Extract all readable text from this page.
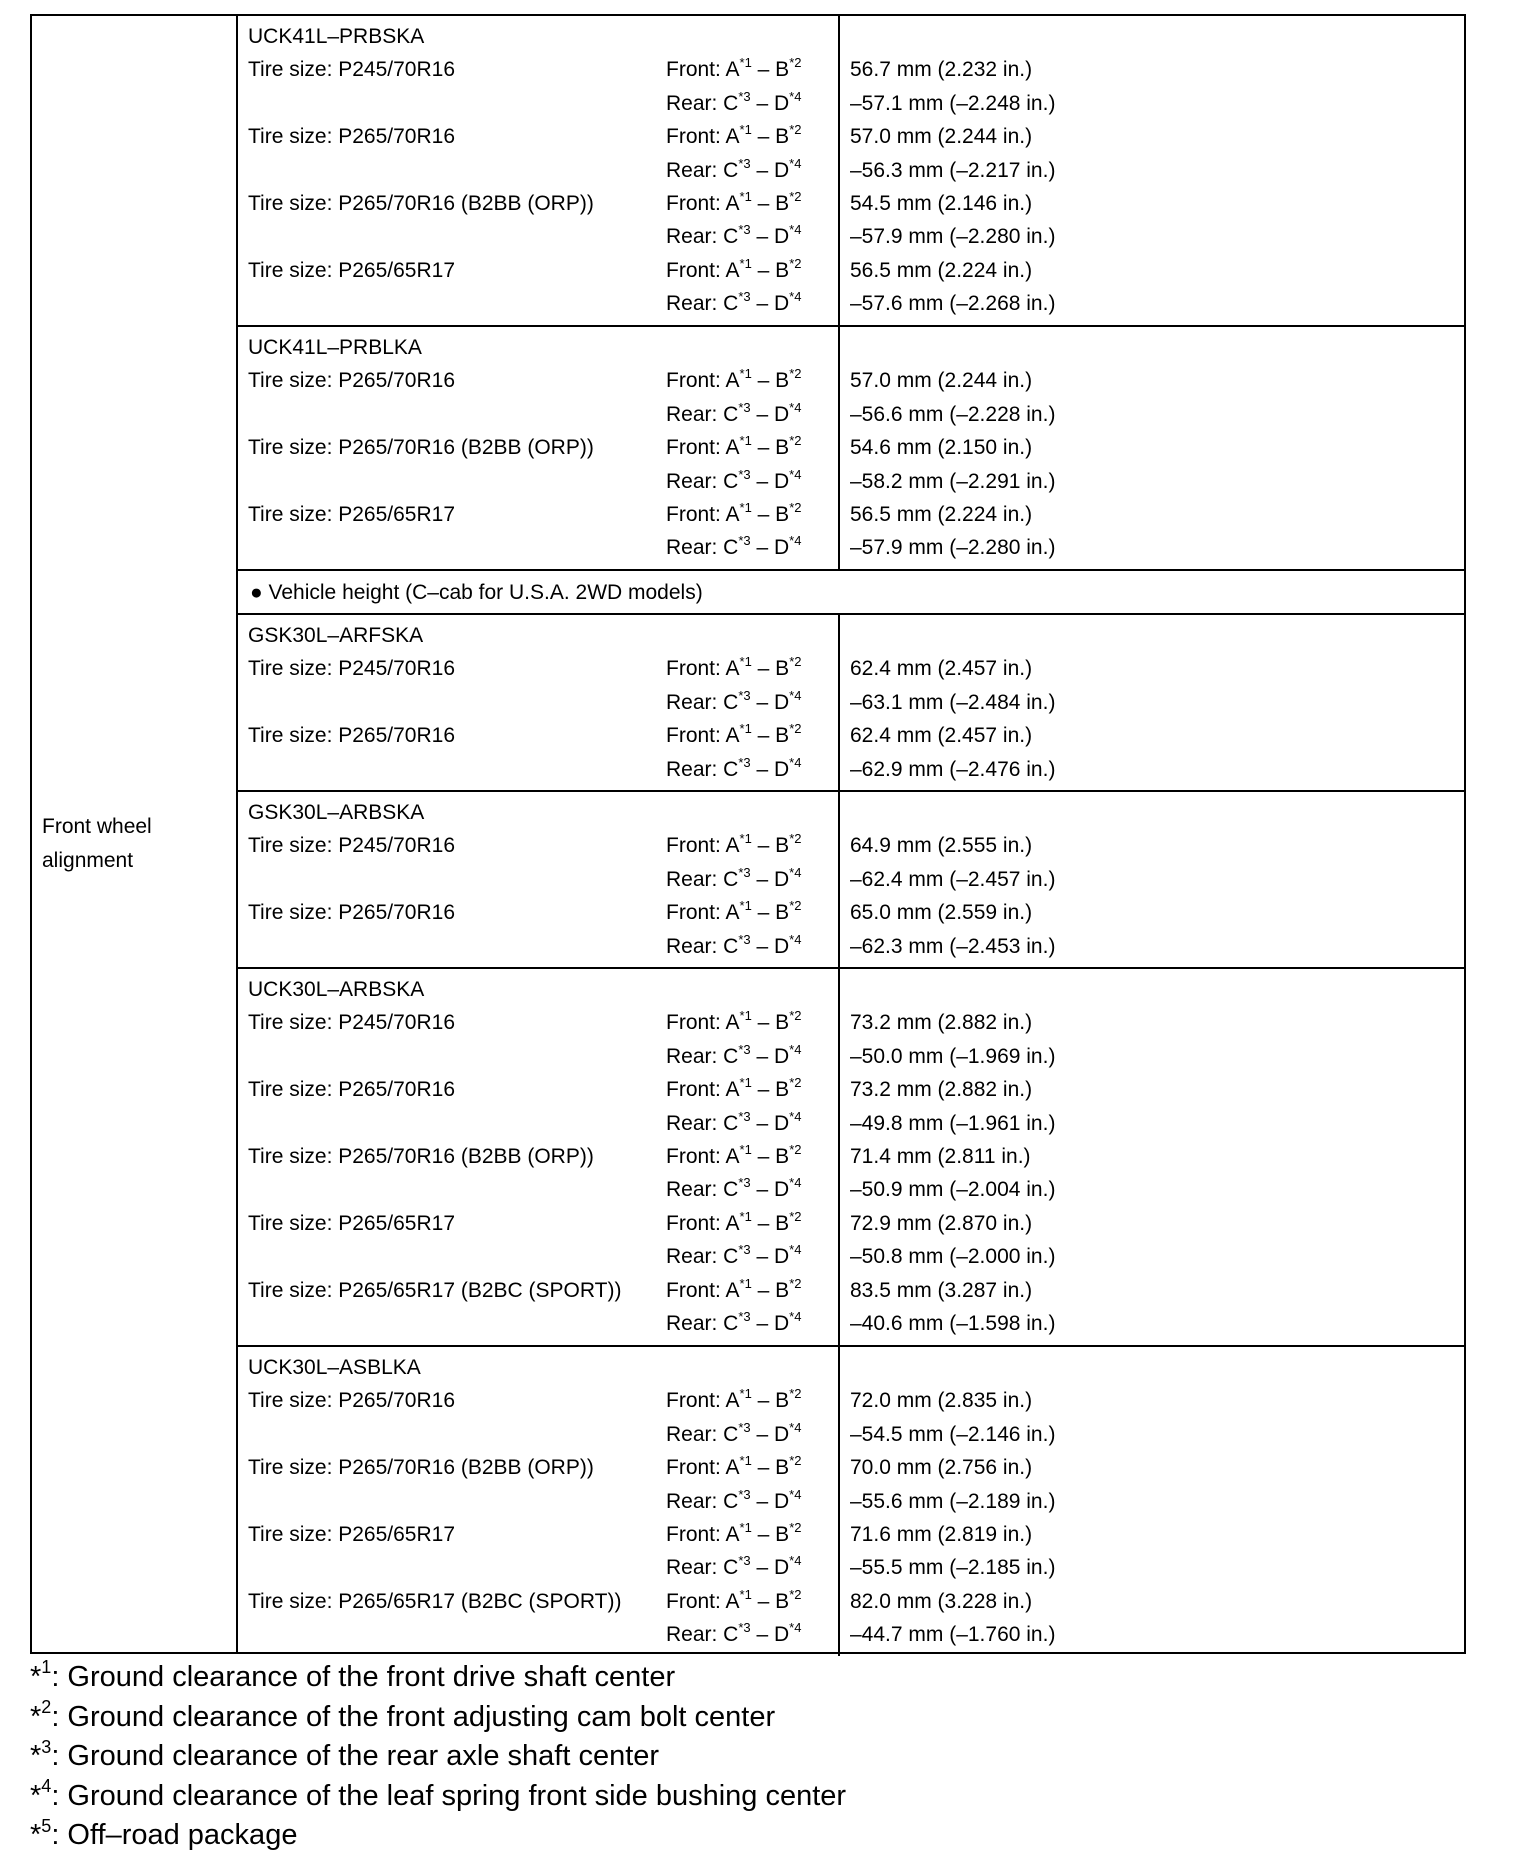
Front wheel
alignment
UCK41L–PRBSKA
Tire size: P245/70R16	Front: $A^{*1} - B^{*2}$ 56.7 mm (2.232 in.)
Rear: $C^{*3} - D^{*4}$ –57.1 mm (–2.248 in.)
Tire size: P265/70R16	Front: $A^{*1} - B^{*2}$ 57.0 mm (2.244 in.)
Rear: $C^{*3} - D^{*4}$ –56.3 mm (–2.217 in.)
Tire size: P265/70R16 (B2BB (ORP))	Front: $A^{*1} - B^{*2}$ 54.5 mm (2.146 in.)
Rear: $C^{*3} - D^{*4}$ –57.9 mm (–2.280 in.)
Tire size: P265/65R17	Front: $A^{*1} - B^{*2}$ 56.5 mm (2.224 in.)
Rear: $C^{*3} - D^{*4}$ –57.6 mm (–2.268 in.)
UCK41L–PRBLKA
Tire size: P265/70R16	Front: $A^{*1} - B^{*2}$ 57.0 mm (2.244 in.)
Rear: $C^{*3} - D^{*4}$ –56.6 mm (–2.228 in.)
Tire size: P265/70R16 (B2BB (ORP))	Front: $A^{*1} - B^{*2}$ 54.6 mm (2.150 in.)
Rear: $C^{*3} - D^{*4}$ –58.2 mm (–2.291 in.)
Tire size: P265/65R17	Front: $A^{*1} - B^{*2}$ 56.5 mm (2.224 in.)
Rear: $C^{*3} - D^{*4}$ –57.9 mm (–2.280 in.)
GSK30L–ARFSKA
Tire size: P245/70R16	Front: $A^{*1} - B^{*2}$ 62.4 mm (2.457 in.)
Rear: $C^{*3} - D^{*4}$ –63.1 mm (–2.484 in.)
Tire size: P265/70R16	Front: $A^{*1} - B^{*2}$ 62.4 mm (2.457 in.)
Rear: $C^{*3} - D^{*4}$ –62.9 mm (–2.476 in.)
GSK30L–ARBSKA
Tire size: P245/70R16	Front: $A^{*1} - B^{*2}$ 64.9 mm (2.555 in.)
Rear: $C^{*3} - D^{*4}$ –62.4 mm (–2.457 in.)
Tire size: P265/70R16	Front: $A^{*1} - B^{*2}$ 65.0 mm (2.559 in.)
Rear: $C^{*3} - D^{*4}$ –62.3 mm (–2.453 in.)
UCK30L–ARBSKA
Tire size: P245/70R16	Front: $A^{*1} - B^{*2}$ 73.2 mm (2.882 in.)
Rear: $C^{*3} - D^{*4}$ –50.0 mm (–1.969 in.)
Tire size: P265/70R16	Front: $A^{*1} - B^{*2}$ 73.2 mm (2.882 in.)
Rear: $C^{*3} - D^{*4}$ –49.8 mm (–1.961 in.)
Tire size: P265/70R16 (B2BB (ORP))	Front: $A^{*1} - B^{*2}$ 71.4 mm (2.811 in.)
Rear: $C^{*3} - D^{*4}$ –50.9 mm (–2.004 in.)
Tire size: P265/65R17	Front: $A^{*1} - B^{*2}$ 72.9 mm (2.870 in.)
Rear: $C^{*3} - D^{*4}$ –50.8 mm (–2.000 in.)
Tire size: P265/65R17 (B2BC (SPORT)) Front: $A^{*1} - B^{*2}$ 83.5 mm (3.287 in.)
Rear: $C^{*3} - D^{*4}$ –40.6 mm (–1.598 in.)
UCK30L–ASBLKA
Tire size: P265/70R16	Front: $A^{*1} - B^{*2}$ 72.0 mm (2.835 in.)
Rear: $C^{*3} - D^{*4}$ –54.5 mm (–2.146 in.)
Tire size: P265/70R16 (B2BB (ORP))	Front: $A^{*1} - B^{*2}$ 70.0 mm (2.756 in.)
Rear: $C^{*3} - D^{*4}$ –55.6 mm (–2.189 in.)
Tire size: P265/65R17	Front: $A^{*1} - B^{*2}$ 71.6 mm (2.819 in.)
Rear: $C^{*3} - D^{*4}$ –55.5 mm (–2.185 in.)
Tire size: P265/65R17 (B2BC (SPORT)) Front: $A^{*1} - B^{*2}$ 82.0 mm (3.228 in.)
Rear: $C^{*3} - D^{*4}$ –44.7 mm (–1.760 in.)
● Vehicle height (C–cab for U.S.A. 2WD models)
*$^1$: Ground clearance of the front drive shaft center
*$^2$: Ground clearance of the front adjusting cam bolt center
*$^3$: Ground clearance of the rear axle shaft center
*$^4$: Ground clearance of the leaf spring front side bushing center
*$^5$: Off–road package
